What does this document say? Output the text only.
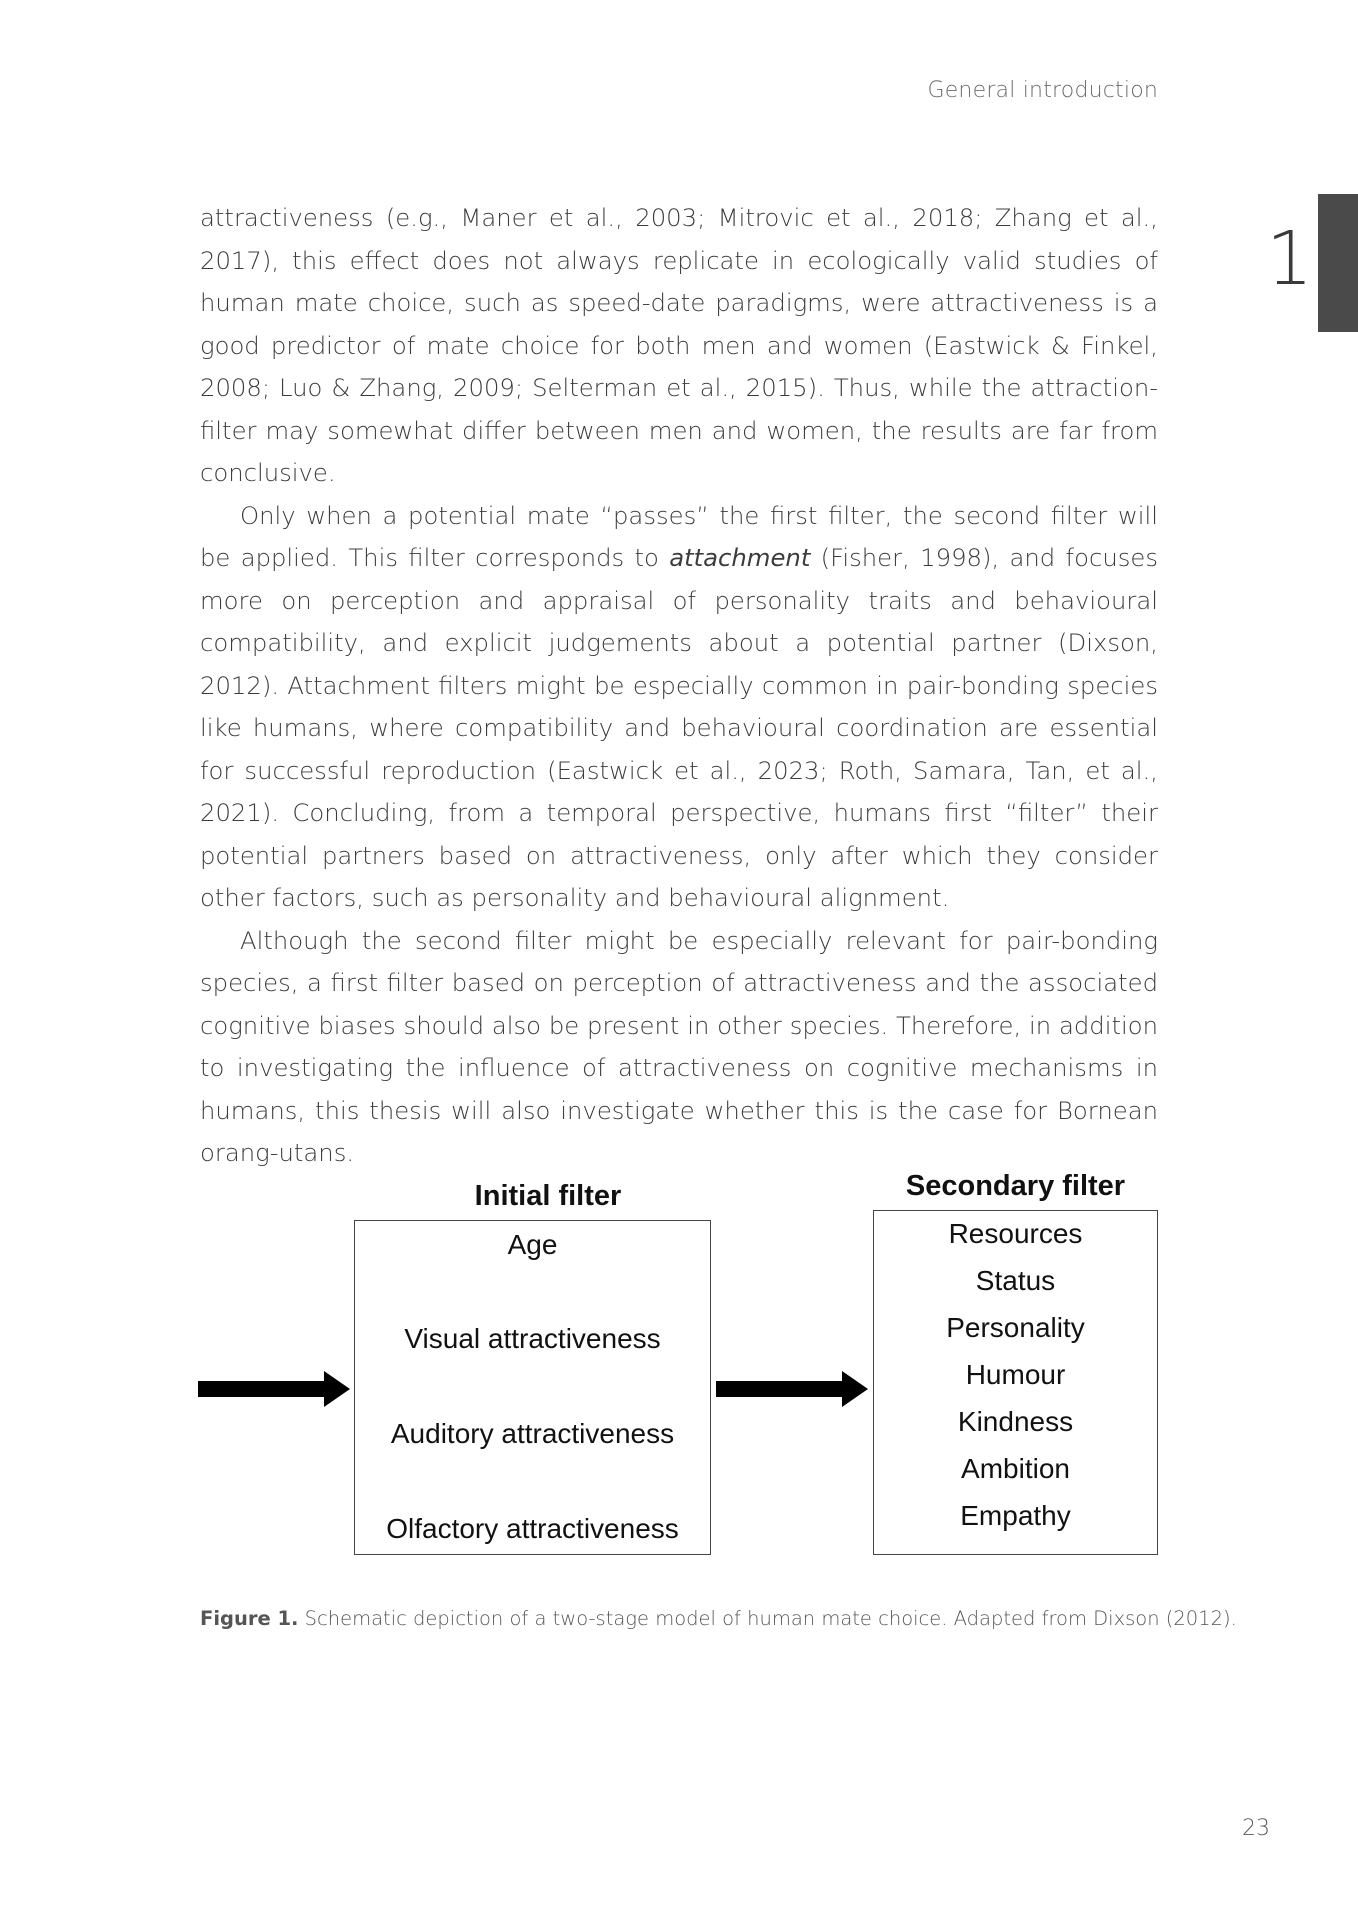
General introduction
1

attractiveness (e.g., Maner et al., 2003; Mitrovic et al., 2018; Zhang et al., 2017), this effect does not always replicate in ecologically valid studies of human mate choice, such as speed-date paradigms, were attractiveness is a good predictor of mate choice for both men and women (Eastwick & Finkel, 2008; Luo & Zhang, 2009; Selterman et al., 2015). Thus, while the attraction-filter may somewhat differ between men and women, the results are far from conclusive.

Only when a potential mate “passes” the first filter, the second filter will be applied. This filter corresponds to attachment (Fisher, 1998), and focuses more on perception and appraisal of personality traits and behavioural compatibility, and explicit judgements about a potential partner (Dixson, 2012). Attachment filters might be especially common in pair-bonding species like humans, where compatibility and behavioural coordination are essential for successful reproduction (Eastwick et al., 2023; Roth, Samara, Tan, et al., 2021). Concluding, from a temporal perspective, humans first “filter” their potential partners based on attractiveness, only after which they consider other factors, such as personality and behavioural alignment.

Although the second filter might be especially relevant for pair-bonding species, a first filter based on perception of attractiveness and the associated cognitive biases should also be present in other species. Therefore, in addition to investigating the influence of attractiveness on cognitive mechanisms in humans, this thesis will also investigate whether this is the case for Bornean orang-utans.

Initial filter
Age
Visual attractiveness
Auditory attractiveness
Olfactory attractiveness
Secondary filter
Resources
Status
Personality
Humour
Kindness
Ambition
Empathy
Figure 1. Schematic depiction of a two-stage model of human mate choice. Adapted from Dixson (2012).
23
